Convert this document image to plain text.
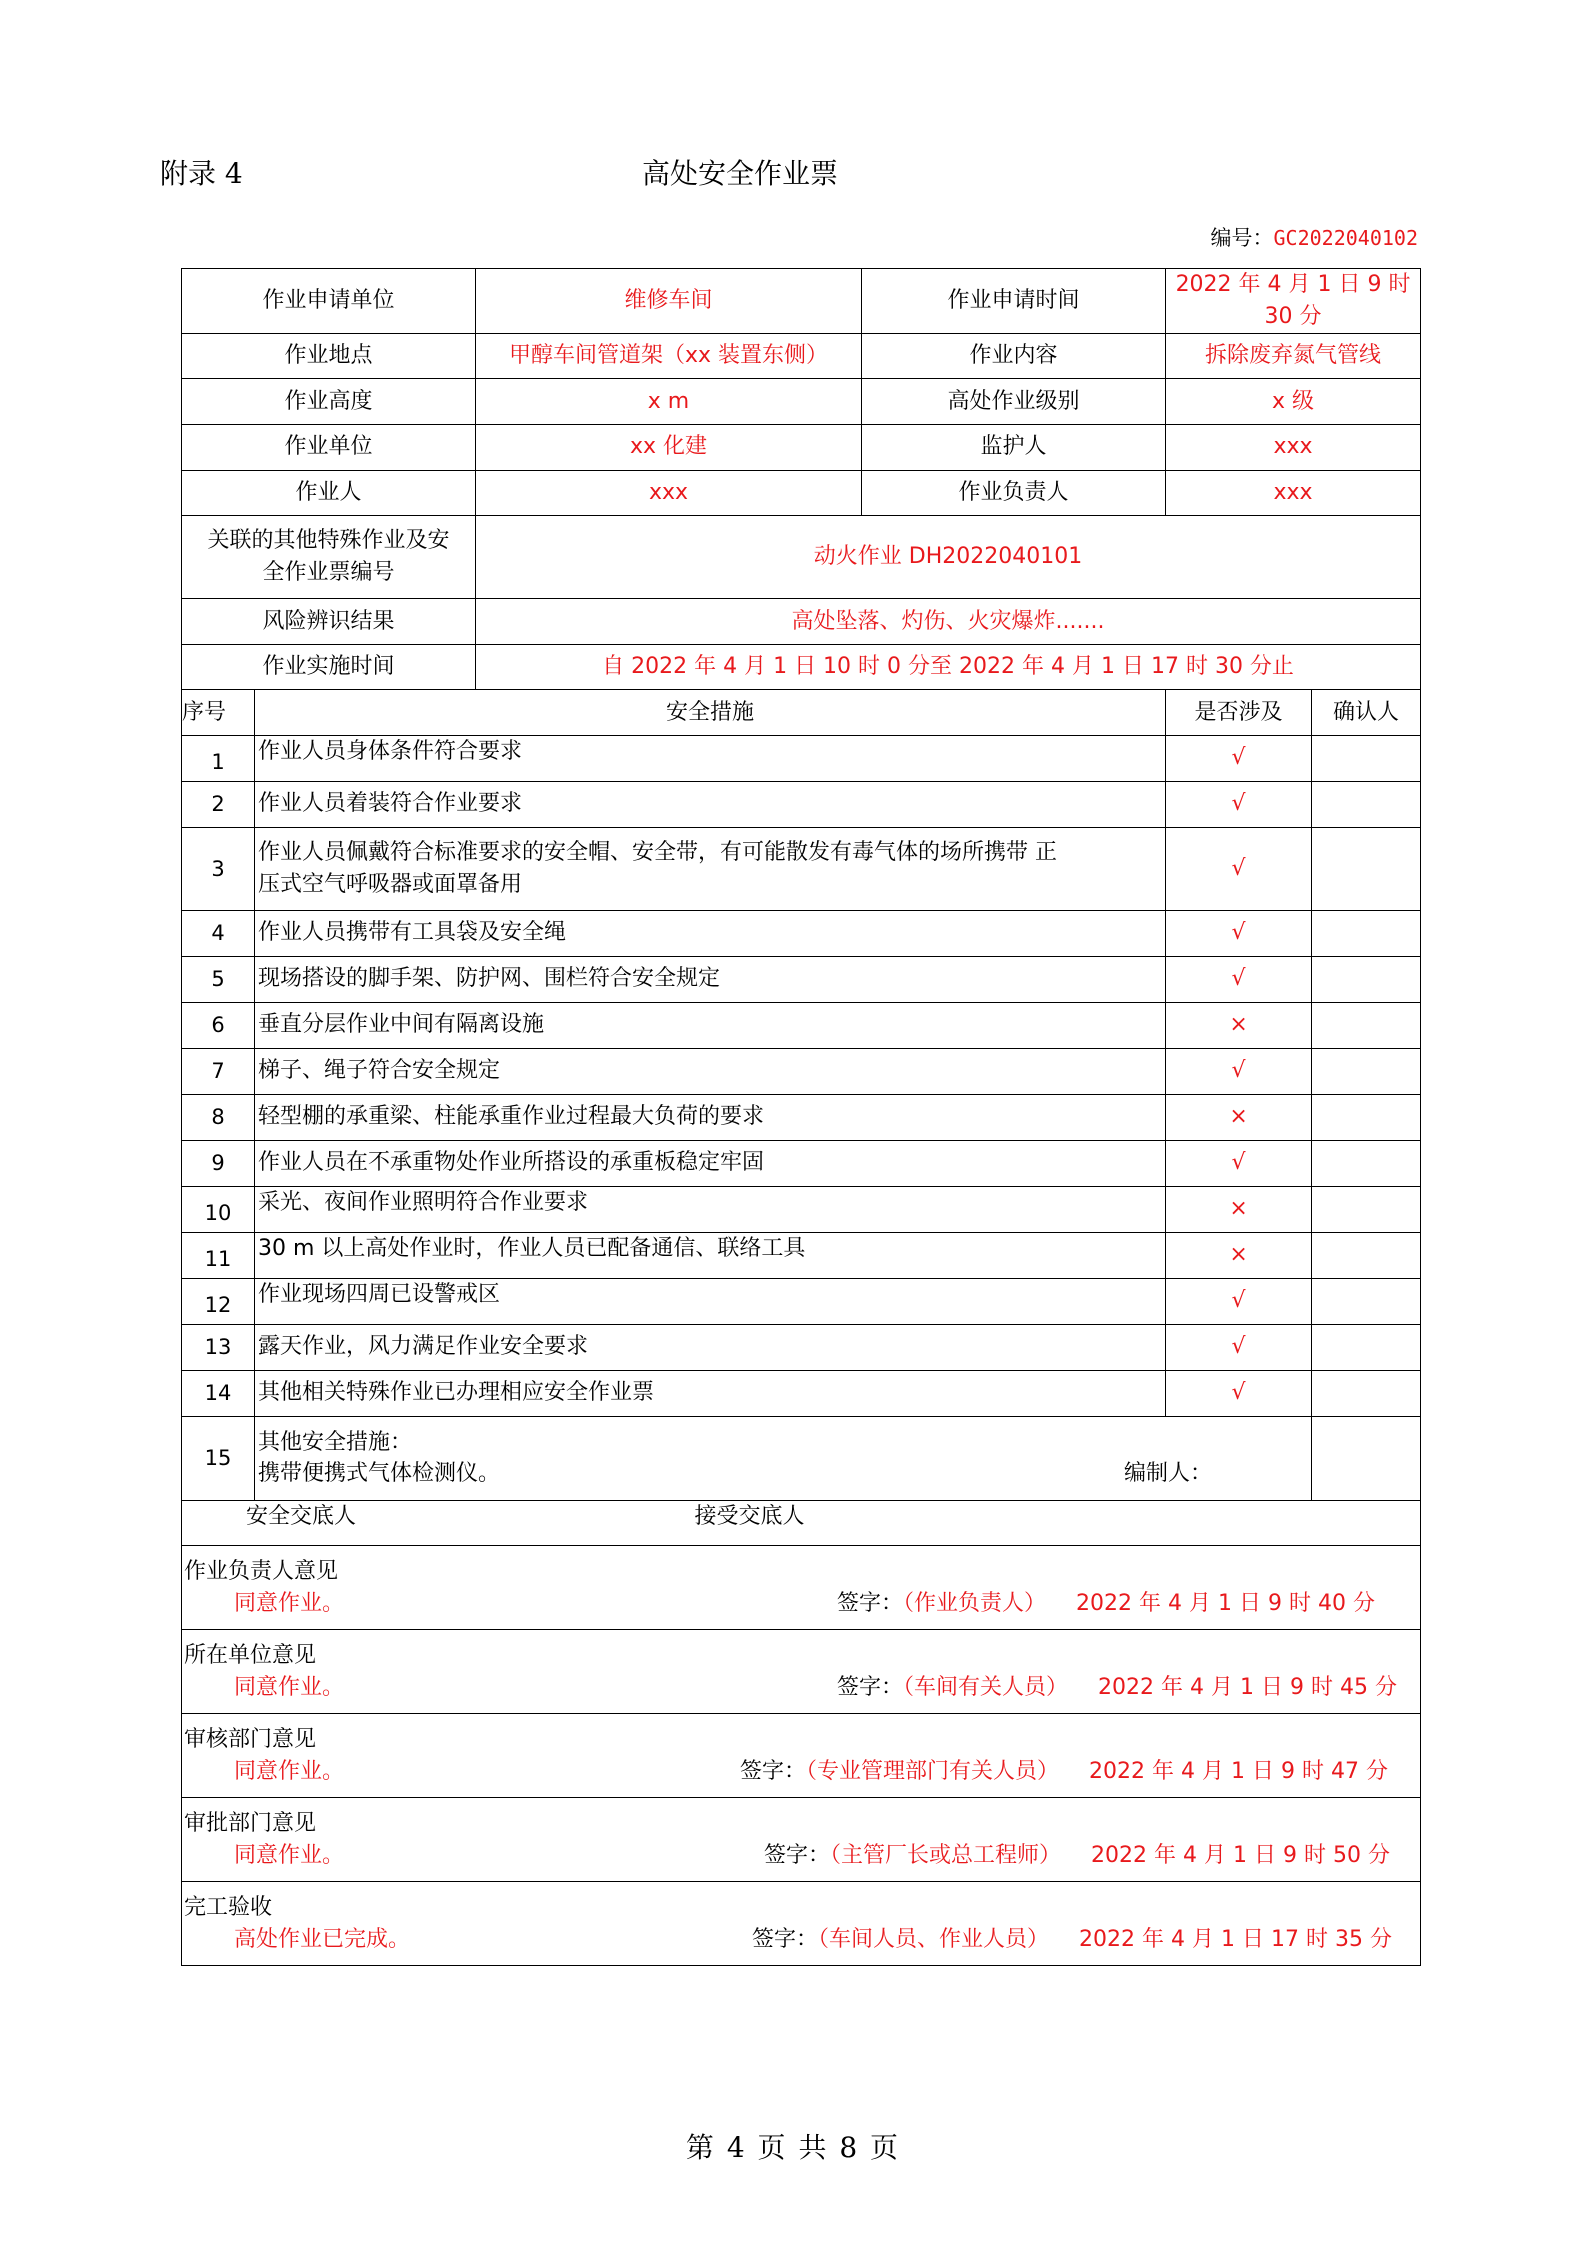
附录 4	高处安全作业票
编号：GC2022040102
作业申请单位		维修车间	作业申请时间	2022 年 4 月 1 日 9 时 30 分	
作业地点		甲醇车间管道架（xx 装置东侧）	作业内容	拆除废弃氮气管线	
作业高度		x m	高处作业级别	x 级	
作业单位		xx 化建	监护人	xxx	
作业人		xxx	作业负责人	xxx	

关联的其他特殊作业及安
全作业票编号		动火作业 DH2022040101			
风险辨识结果		高处坠落、灼伤、火灾爆炸.......			
作业实施时间		自 2022 年 4 月 1 日 10 时 0 分至 2022 年 4 月 1 日 17 时 30 分止			
序号	安全措施			是否涉及	确认人
1	作业人员身体条件符合要求			√	
2	作业人员着装符合作业要求			√	
3	作业人员佩戴符合标准要求的安全帽、安全带，有可能散发有毒气体的场所携带 正
压式空气呼吸器或面罩备用			√	
4	作业人员携带有工具袋及安全绳			√	
5	现场搭设的脚手架、防护网、围栏符合安全规定			√	
6	垂直分层作业中间有隔离设施			×	
7	梯子、绳子符合安全规定			√	
8	轻型棚的承重梁、柱能承重作业过程最大负荷的要求			×	
9	作业人员在不承重物处作业所搭设的承重板稳定牢固			√	
10	采光、夜间作业照明符合作业要求			×	
11	30 m 以上高处作业时，作业人员已配备通信、联络工具			×	
12	作业现场四周已设警戒区			√	
13	露天作业，风力满足作业安全要求			√	
14	其他相关特殊作业已办理相应安全作业票			√	
15	其他安全措施：
携带便携式气体检测仪。 编制人：				

安全交底人			接受交底人		

作业负责人意见
同意作业。 签字：（作业负责人） 2022 年 4 月 1 日 9 时 40 分					

所在单位意见
同意作业。 签字：（车间有关人员） 2022 年 4 月 1 日 9 时 45 分					

审核部门意见
同意作业。 签字：（专业管理部门有关人员） 2022 年 4 月 1 日 9 时 47 分					

审批部门意见
同意作业。 签字：（主管厂长或总工程师） 2022 年 4 月 1 日 9 时 50 分					

完工验收
高处作业已完成。 签字：（车间人员、作业人员） 2022 年 4 月 1 日 17 时 35 分					
第 4 页 共 8 页
